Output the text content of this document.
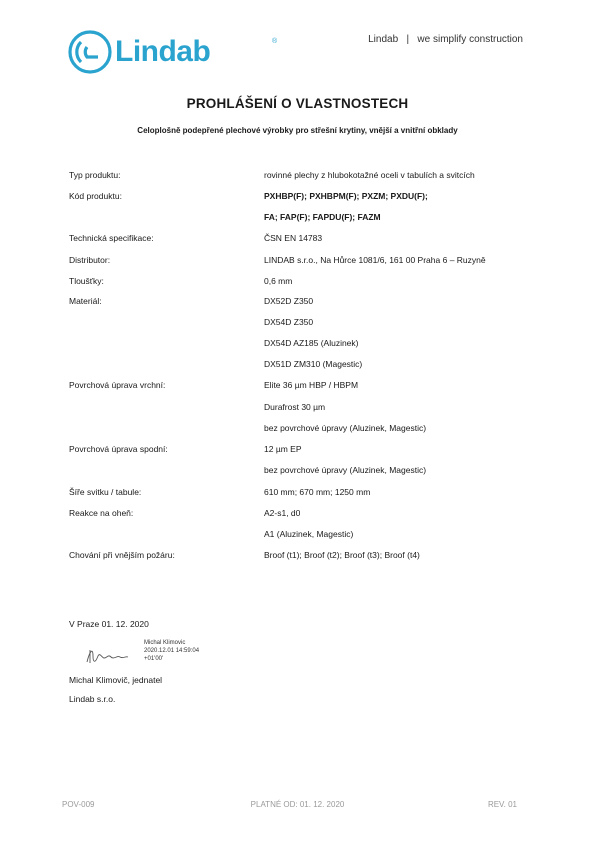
Lindab	®	Lindab   |   we simplify construction
PROHLÁŠENÍ O VLASTNOSTECH
Celoplošně podepřené plechové výrobky pro střešní krytiny, vnější a vnitřní obklady
Typ produktu:	rovinné plechy z hlubokotažné oceli v tabulích a svitcích
Kód produktu:	PXHBP(F); PXHBPM(F); PXZM; PXDU(F);
FA; FAP(F); FAPDU(F); FAZM
Technická specifikace:	ČSN EN 14783
Distributor:	LINDAB s.r.o., Na Hůrce 1081/6, 161 00 Praha 6 – Ruzyně
Tloušťky:	0,6 mm
Materiál:	DX52D Z350
DX54D Z350
DX54D AZ185 (Aluzinek)
DX51D ZM310 (Magestic)
Povrchová úprava vrchní:	Elite 36 µm HBP / HBPM
Durafrost 30 µm
bez povrchové úpravy (Aluzinek, Magestic)
Povrchová úprava spodní:	12 µm EP
bez povrchové úpravy (Aluzinek, Magestic)
Šíře svitku / tabule:	610 mm; 670 mm; 1250 mm
Reakce na oheň:	A2-s1, d0
A1 (Aluzinek, Magestic)
Chování při vnějším požáru:	Broof (t1); Broof (t2); Broof (t3); Broof (t4)
V Praze 01. 12. 2020
Michal Klimovic
2020.12.01 14:59:04
+01'00'
Michal Klimovič, jednatel
Lindab s.r.o.
POV-009	PLATNÉ OD: 01. 12. 2020	REV. 01
